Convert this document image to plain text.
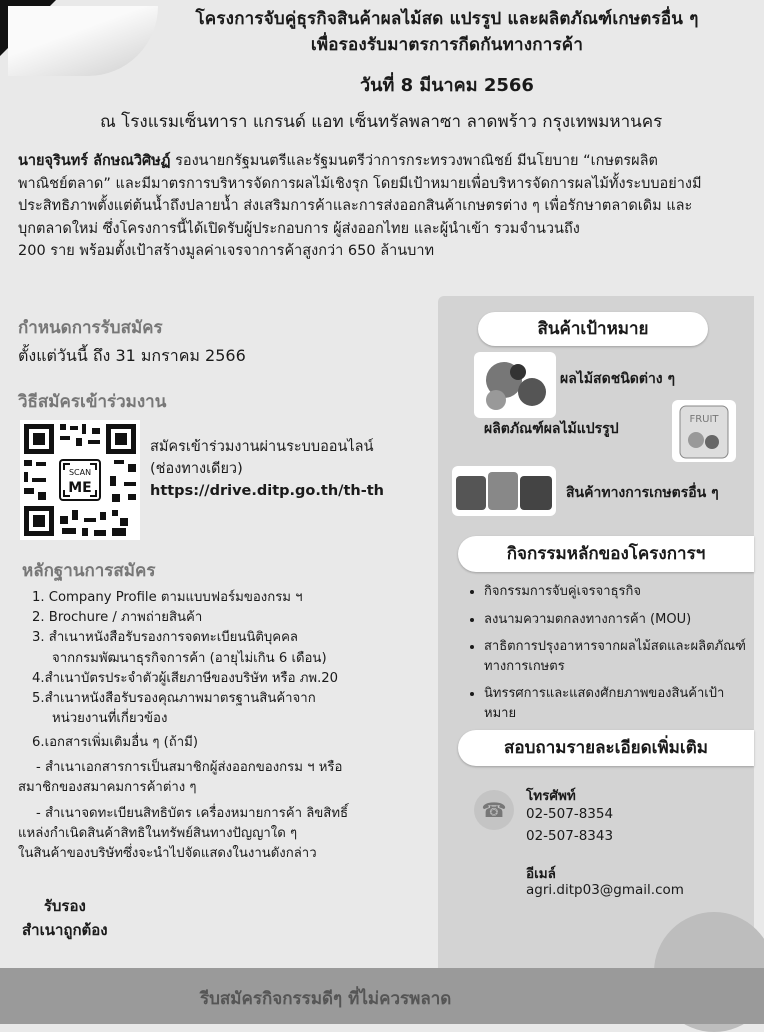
โครงการจับคู่ธุรกิจสินค้าผลไม้สด แปรรูป และผลิตภัณฑ์เกษตรอื่น ๆ
เพื่อรองรับมาตรการกีดกันทางการค้า
วันที่ 8 มีนาคม 2566
ณ โรงแรมเซ็นทารา แกรนด์ แอท เซ็นทรัลพลาซา ลาดพร้าว กรุงเทพมหานคร
นายจุรินทร์ ลักษณวิศิษฏ์ รองนายกรัฐมนตรีและรัฐมนตรีว่าการกระทรวงพาณิชย์ มีนโยบาย “เกษตรผลิต
พาณิชย์ตลาด” และมีมาตรการบริหารจัดการผลไม้เชิงรุก โดยมีเป้าหมายเพื่อบริหารจัดการผลไม้ทั้งระบบอย่างมี
ประสิทธิภาพตั้งแต่ต้นน้ำถึงปลายน้ำ ส่งเสริมการค้าและการส่งออกสินค้าเกษตรต่าง ๆ เพื่อรักษาตลาดเดิม และ
บุกตลาดใหม่ ซึ่งโครงการนี้ได้เปิดรับผู้ประกอบการ ผู้ส่งออกไทย และผู้นำเข้า รวมจำนวนถึง
200 ราย พร้อมตั้งเป้าสร้างมูลค่าเจรจาการค้าสูงกว่า 650 ล้านบาท
กำหนดการรับสมัคร
ตั้งแต่วันนี้ ถึง 31 มกราคม 2566
วิธีสมัครเข้าร่วมงาน
SCAN
ME
สมัครเข้าร่วมงานผ่านระบบออนไลน์
(ช่องทางเดียว)
https://drive.ditp.go.th/th-th
หลักฐานการสมัคร
1. Company Profile ตามแบบฟอร์มของกรม ฯ
2. Brochure / ภาพถ่ายสินค้า
3. สำเนาหนังสือรับรองการจดทะเบียนนิติบุคคล
จากกรมพัฒนาธุรกิจการค้า (อายุไม่เกิน 6 เดือน)
4.สำเนาบัตรประจำตัวผู้เสียภาษีของบริษัท หรือ ภพ.20
5.สำเนาหนังสือรับรองคุณภาพมาตรฐานสินค้าจาก
หน่วยงานที่เกี่ยวข้อง
6.เอกสารเพิ่มเติมอื่น ๆ (ถ้ามี)
- สำเนาเอกสารการเป็นสมาชิกผู้ส่งออกของกรม ฯ หรือ
สมาชิกของสมาคมการค้าต่าง ๆ
- สำเนาจดทะเบียนสิทธิบัตร เครื่องหมายการค้า ลิขสิทธิ์
แหล่งกำเนิดสินค้าสิทธิในทรัพย์สินทางปัญญาใด ๆ
ในสินค้าของบริษัทซึ่งจะนำไปจัดแสดงในงานดังกล่าว
รับรอง
สำเนาถูกต้อง
สินค้าเป้าหมาย
ผลไม้สดชนิดต่าง ๆ
ผลิตภัณฑ์ผลไม้แปรรูป
FRUIT
สินค้าทางการเกษตรอื่น ๆ
กิจกรรมหลักของโครงการฯ
• กิจกรรมการจับคู่เจรจาธุรกิจ
• ลงนามความตกลงทางการค้า (MOU)
• สาธิตการปรุงอาหารจากผลไม้สดและผลิตภัณฑ์ทางการเกษตร
• นิทรรศการและแสดงศักยภาพของสินค้าเป้าหมาย
สอบถามรายละเอียดเพิ่มเติม
☎
โทรศัพท์
02-507-8354
02-507-8343
อีเมล์
agri.ditp03@gmail.com
รีบสมัครกิจกรรมดีๆ ที่ไม่ควรพลาด
